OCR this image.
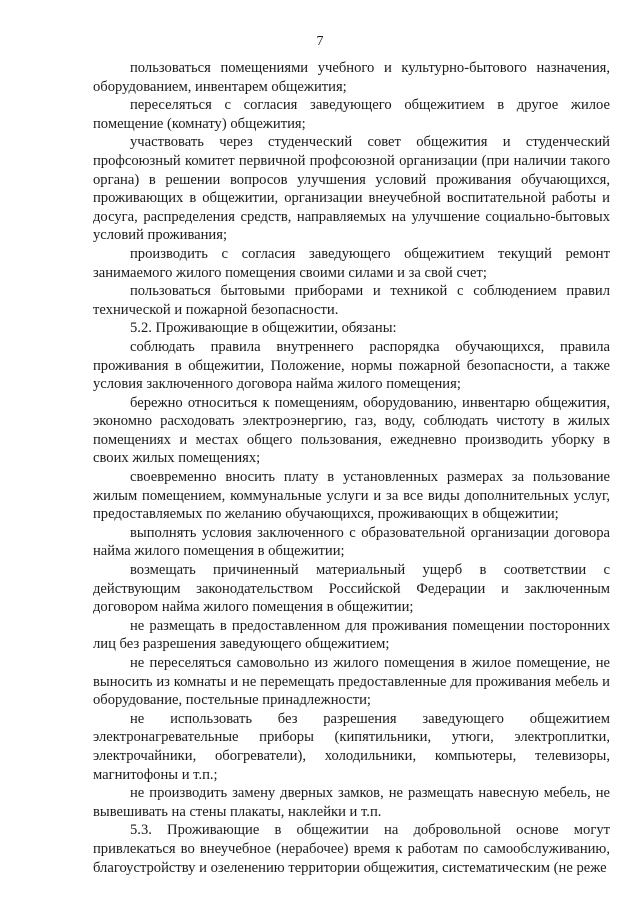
7

пользоваться помещениями учебного и культурно-бытового назначения, оборудованием, инвентарем общежития;

переселяться с согласия заведующего общежитием в другое жилое помещение (комнату) общежития;

участвовать через студенческий совет общежития и студенческий профсоюзный комитет первичной профсоюзной организации (при наличии такого органа) в решении вопросов улучшения условий проживания обучающихся, проживающих в общежитии, организации внеучебной воспитательной работы и досуга, распределения средств, направляемых на улучшение социально-бытовых условий проживания;

производить с согласия заведующего общежитием текущий ремонт занимаемого жилого помещения своими силами и за свой счет;

пользоваться бытовыми приборами и техникой с соблюдением правил технической и пожарной безопасности.

5.2. Проживающие в общежитии, обязаны:

соблюдать правила внутреннего распорядка обучающихся, правила проживания в общежитии, Положение, нормы пожарной безопасности, а также условия заключенного договора найма жилого помещения;

бережно относиться к помещениям, оборудованию, инвентарю общежития, экономно расходовать электроэнергию, газ, воду, соблюдать чистоту в жилых помещениях и местах общего пользования, ежедневно производить уборку в своих жилых помещениях;

своевременно вносить плату в установленных размерах за пользование жилым помещением, коммунальные услуги и за все виды дополнительных услуг, предоставляемых по желанию обучающихся, проживающих в общежитии;

выполнять условия заключенного с образовательной организации договора найма жилого помещения в общежитии;

возмещать причиненный материальный ущерб в соответствии с действующим законодательством Российской Федерации и заключенным договором найма жилого помещения в общежитии;

не размещать в предоставленном для проживания помещении посторонних лиц без разрешения заведующего общежитием;

не переселяться самовольно из жилого помещения в жилое помещение, не выносить из комнаты и не перемещать предоставленные для проживания мебель и оборудование, постельные принадлежности;

не использовать без разрешения заведующего общежитием электронагревательные приборы (кипятильники, утюги, электроплитки, электрочайники, обогреватели), холодильники, компьютеры, телевизоры, магнитофоны и т.п.;

не производить замену дверных замков, не размещать навесную мебель, не вывешивать на стены плакаты, наклейки и т.п.

5.3. Проживающие в общежитии на добровольной основе могут привлекаться во внеучебное (нерабочее) время к работам по самообслуживанию, благоустройству и озеленению территории общежития, систематическим (не реже
